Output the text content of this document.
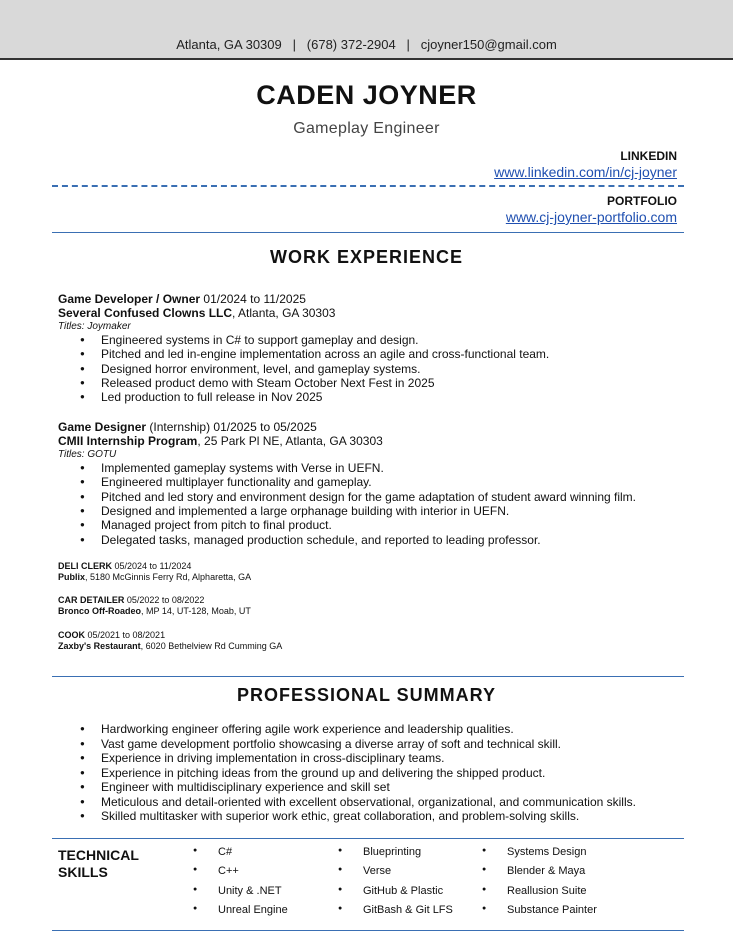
Atlanta, GA 30309   |   (678) 372-2904   |   cjoyner150@gmail.com
CADEN JOYNER
Gameplay Engineer
LINKEDIN
www.linkedin.com/in/cj-joyner
PORTFOLIO
www.cj-joyner-portfolio.com
WORK EXPERIENCE
Game Developer / Owner 01/2024 to 11/2025
Several Confused Clowns LLC, Atlanta, GA 30303
Titles: Joymaker
● Engineered systems in C# to support gameplay and design.
● Pitched and led in-engine implementation across an agile and cross-functional team.
● Designed horror environment, level, and gameplay systems.
● Released product demo with Steam October Next Fest in 2025
● Led production to full release in Nov 2025
Game Designer (Internship) 01/2025 to 05/2025
CMII Internship Program, 25 Park Pl NE, Atlanta, GA 30303
Titles: GOTU
● Implemented gameplay systems with Verse in UEFN.
● Engineered multiplayer functionality and gameplay.
● Pitched and led story and environment design for the game adaptation of student award winning film.
● Designed and implemented a large orphanage building with interior in UEFN.
● Managed project from pitch to final product.
● Delegated tasks, managed production schedule, and reported to leading professor.
DELI CLERK 05/2024 to 11/2024
Publix, 5180 McGinnis Ferry Rd, Alpharetta, GA
CAR DETAILER 05/2022 to 08/2022
Bronco Off-Roadeo, MP 14, UT-128, Moab, UT
COOK 05/2021 to 08/2021
Zaxby's Restaurant, 6020 Bethelview Rd Cumming GA
PROFESSIONAL SUMMARY
● Hardworking engineer offering agile work experience and leadership qualities.
● Vast game development portfolio showcasing a diverse array of soft and technical skill.
● Experience in driving implementation in cross-disciplinary teams.
● Experience in pitching ideas from the ground up and delivering the shipped product.
● Engineer with multidisciplinary experience and skill set
● Meticulous and detail-oriented with excellent observational, organizational, and communication skills.
● Skilled multitasker with superior work ethic, great collaboration, and problem-solving skills.
TECHNICAL
SKILLS
● C#
● C++
● Unity & .NET
● Unreal Engine
● Blueprinting
● Verse
● GitHub & Plastic
● GitBash & Git LFS
● Systems Design
● Blender & Maya
● Reallusion Suite
● Substance Painter
